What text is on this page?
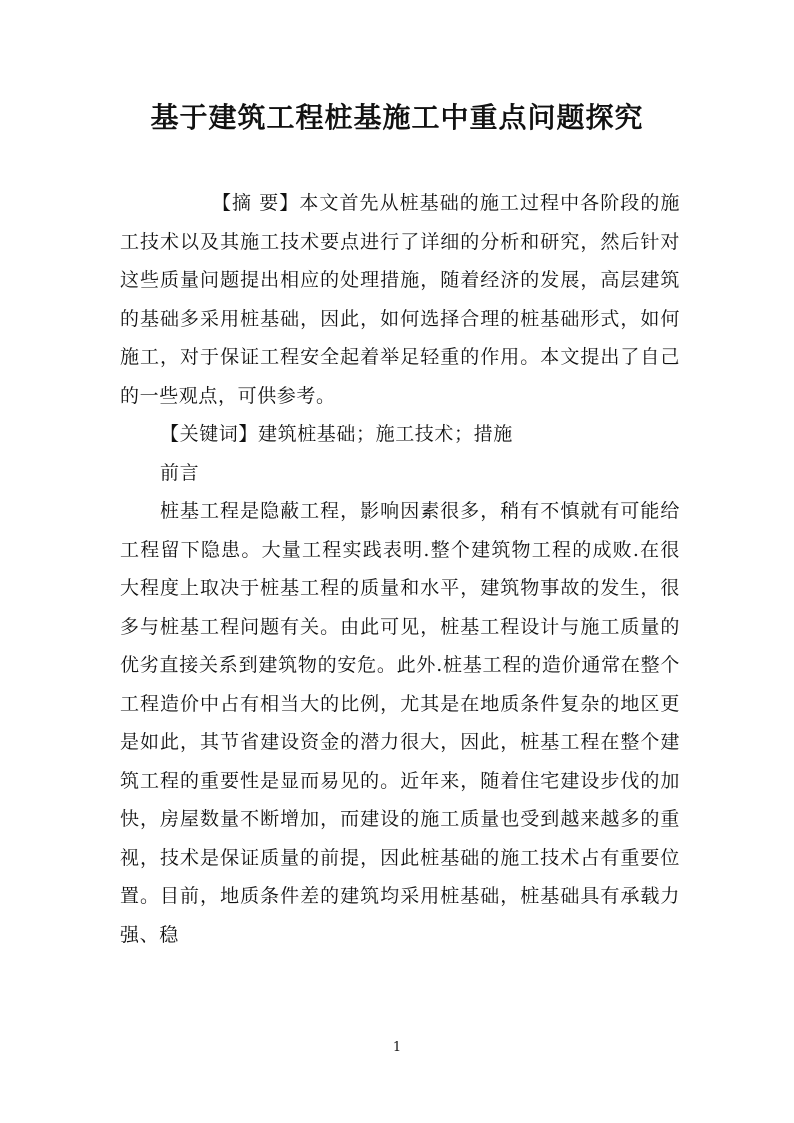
基于建筑工程桩基施工中重点问题探究

【摘 要】本文首先从桩基础的施工过程中各阶段的施工技术以及其施工技术要点进行了详细的分析和研究，然后针对这些质量问题提出相应的处理措施，随着经济的发展，高层建筑的基础多采用桩基础，因此，如何选择合理的桩基础形式，如何施工，对于保证工程安全起着举足轻重的作用。本文提出了自己的一些观点，可供参考。

【关键词】建筑桩基础；施工技术；措施

前言

桩基工程是隐蔽工程，影响因素很多，稍有不慎就有可能给工程留下隐患。大量工程实践表明.整个建筑物工程的成败.在很大程度上取决于桩基工程的质量和水平，建筑物事故的发生，很多与桩基工程问题有关。由此可见，桩基工程设计与施工质量的优劣直接关系到建筑物的安危。此外.桩基工程的造价通常在整个工程造价中占有相当大的比例，尤其是在地质条件复杂的地区更是如此，其节省建设资金的潜力很大，因此，桩基工程在整个建筑工程的重要性是显而易见的。近年来，随着住宅建设步伐的加快，房屋数量不断增加，而建设的施工质量也受到越来越多的重视，技术是保证质量的前提，因此桩基础的施工技术占有重要位置。目前，地质条件差的建筑均采用桩基础，桩基础具有承载力强、稳

1
